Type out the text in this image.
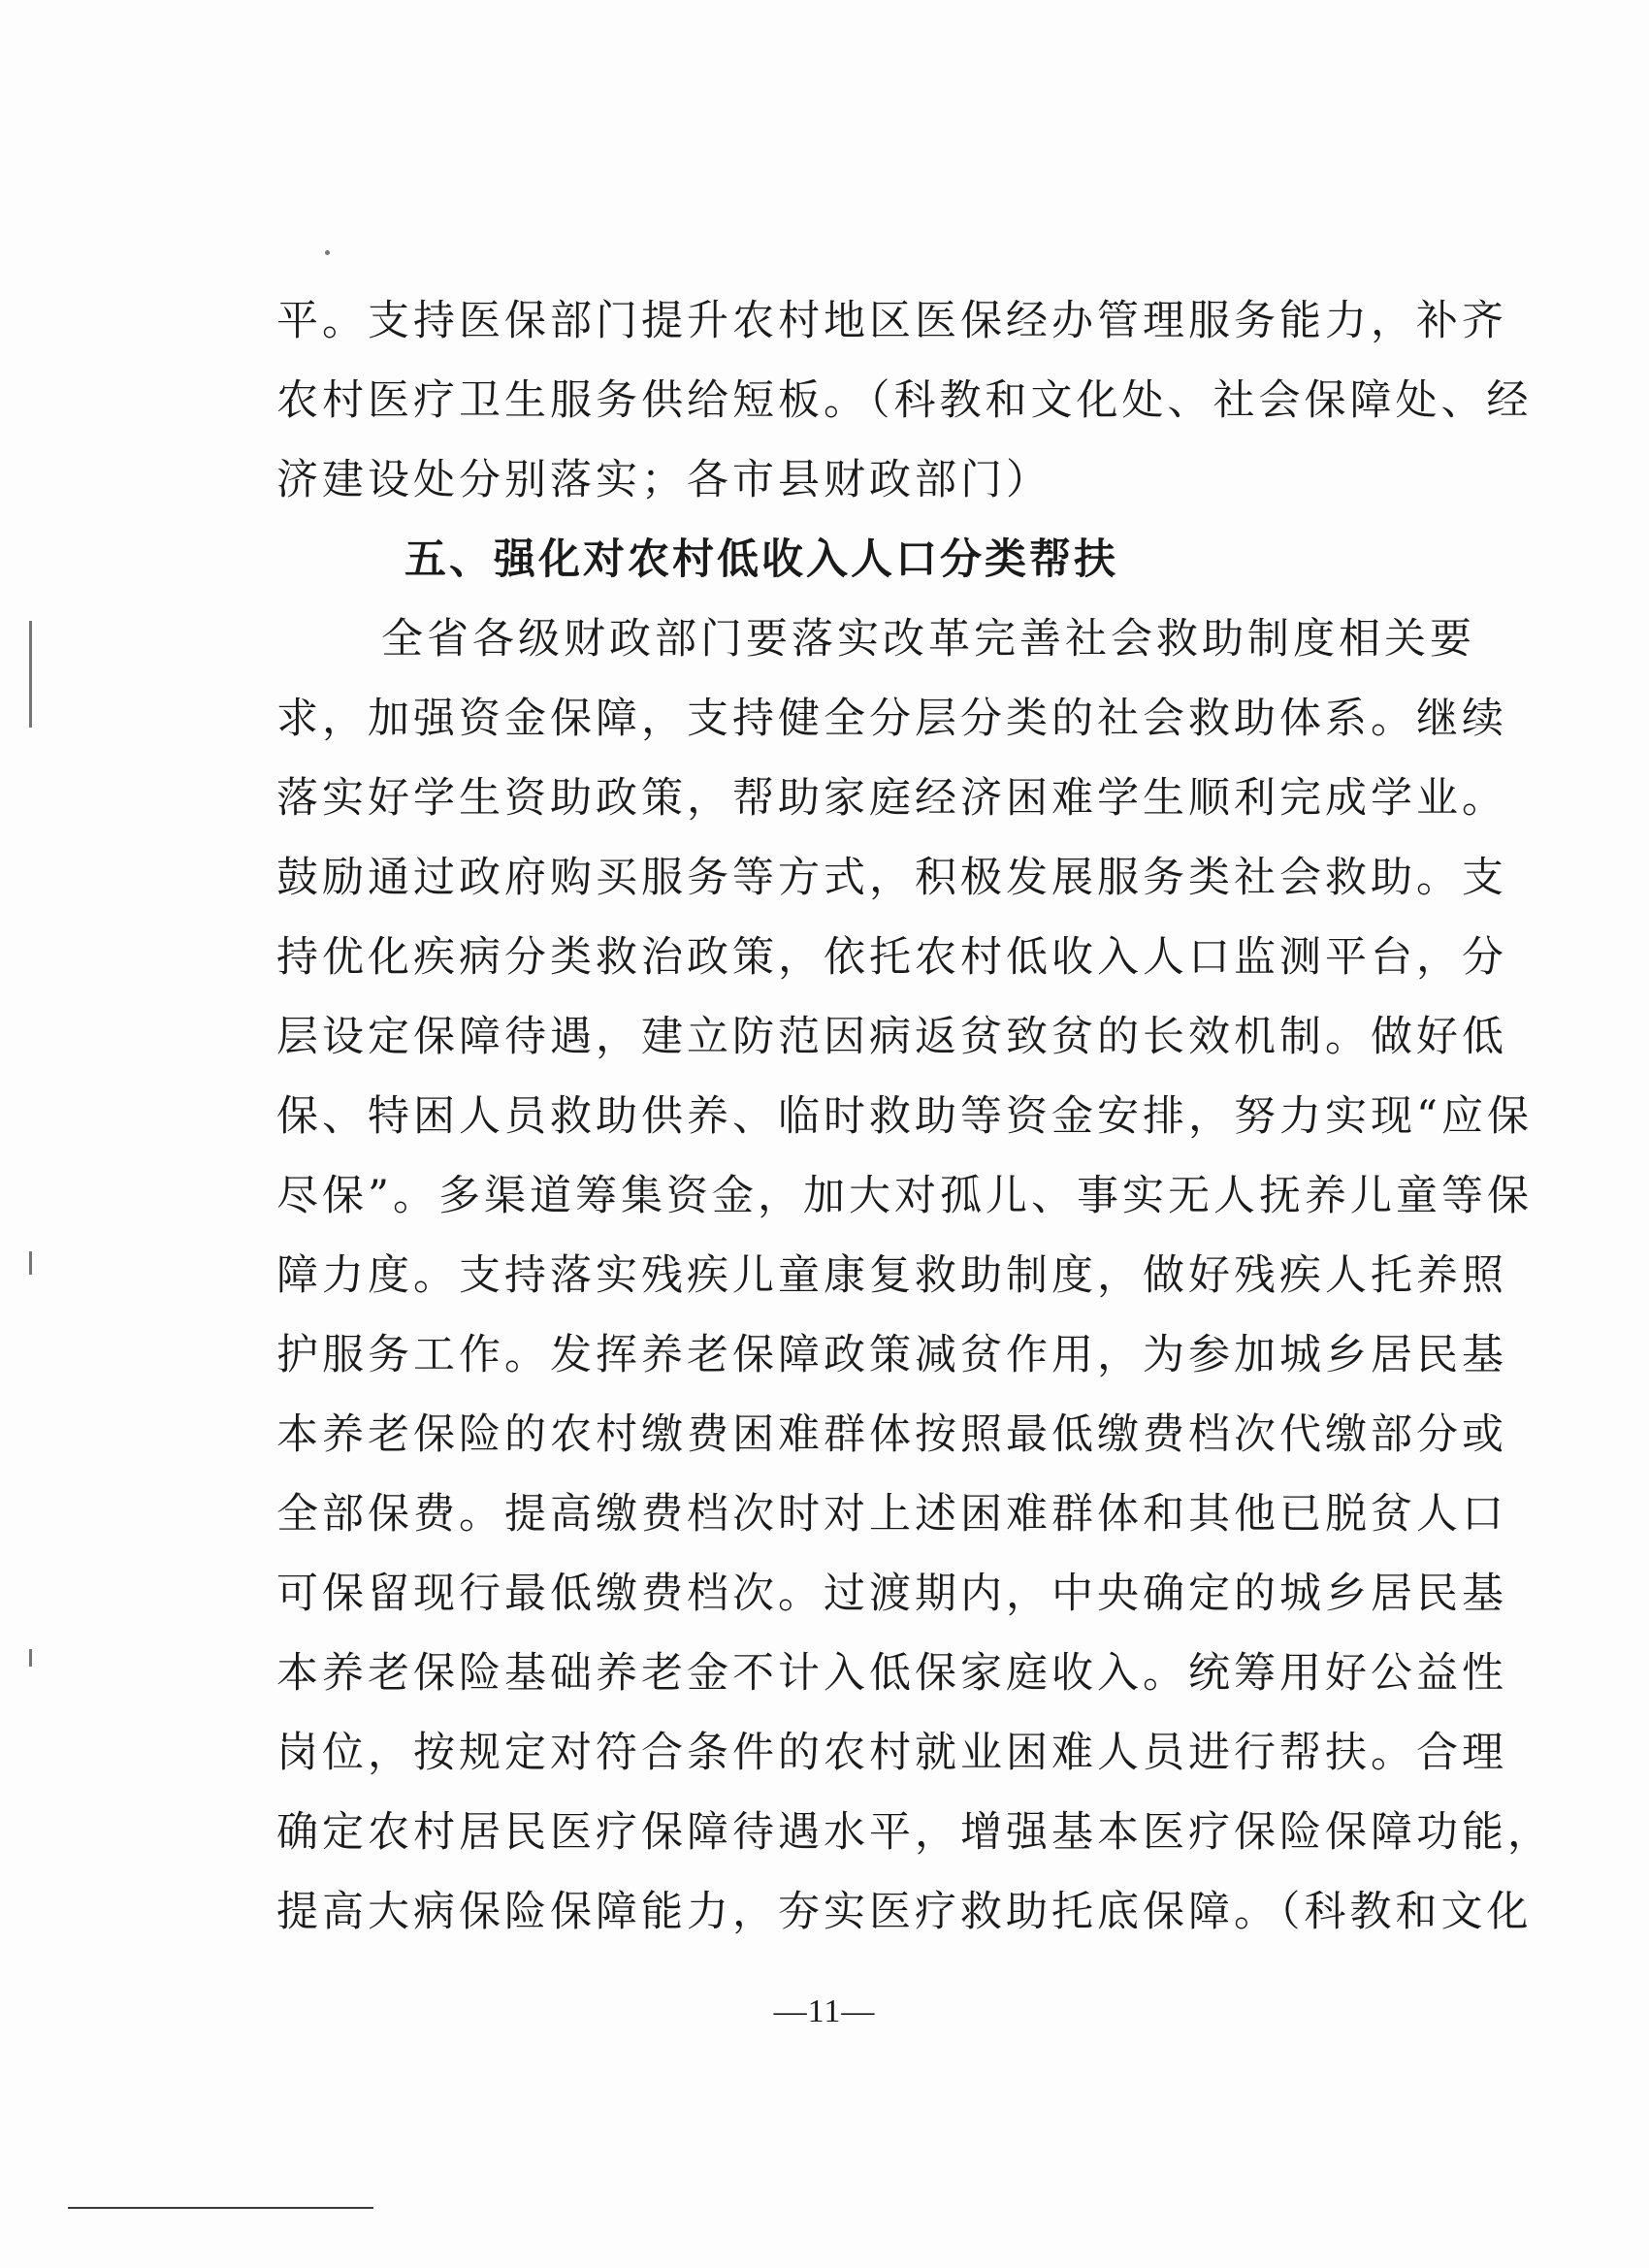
平。支持医保部门提升农村地区医保经办管理服务能力，补齐
农村医疗卫生服务供给短板。（科教和文化处、社会保障处、经
济建设处分别落实；各市县财政部门）
五、强化对农村低收入人口分类帮扶
全省各级财政部门要落实改革完善社会救助制度相关要
求，加强资金保障，支持健全分层分类的社会救助体系。继续
落实好学生资助政策，帮助家庭经济困难学生顺利完成学业。
鼓励通过政府购买服务等方式，积极发展服务类社会救助。支
持优化疾病分类救治政策，依托农村低收入人口监测平台，分
层设定保障待遇，建立防范因病返贫致贫的长效机制。做好低
保、特困人员救助供养、临时救助等资金安排，努力实现“应保
尽保”。多渠道筹集资金，加大对孤儿、事实无人抚养儿童等保
障力度。支持落实残疾儿童康复救助制度，做好残疾人托养照
护服务工作。发挥养老保障政策减贫作用，为参加城乡居民基
本养老保险的农村缴费困难群体按照最低缴费档次代缴部分或
全部保费。提高缴费档次时对上述困难群体和其他已脱贫人口
可保留现行最低缴费档次。过渡期内，中央确定的城乡居民基
本养老保险基础养老金不计入低保家庭收入。统筹用好公益性
岗位，按规定对符合条件的农村就业困难人员进行帮扶。合理
确定农村居民医疗保障待遇水平，增强基本医疗保险保障功能，
提高大病保险保障能力，夯实医疗救助托底保障。（科教和文化
—11—
